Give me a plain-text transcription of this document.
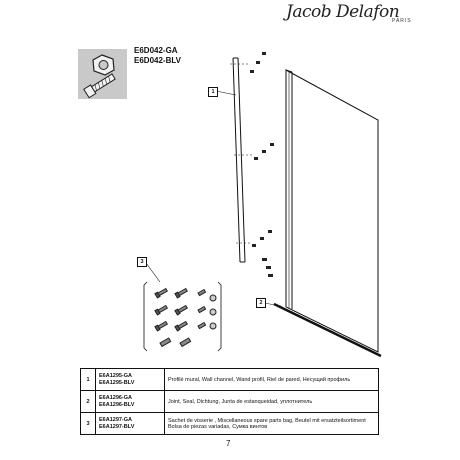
Jacob Delafon
PARIS
E6D042-GA
E6D042-BLV
1
2
3
1	E6A1295-GA
E6A1295-BLV	Profilé mural, Wall channel, Wand profil, Riel de pared, Несущий профиль
2	E6A1296-GA
E6A1296-BLV	Joint, Seal, Dichtung, Junta de estanqueidad, уплотнитель
3	E6A1297-GA
E6A1297-BLV	Sachet de visserie , Miscellaneous spare parts bag, Beutel mit ersatzteilsortiment Bolsa de piezas variadas, Сумка винтов
7
